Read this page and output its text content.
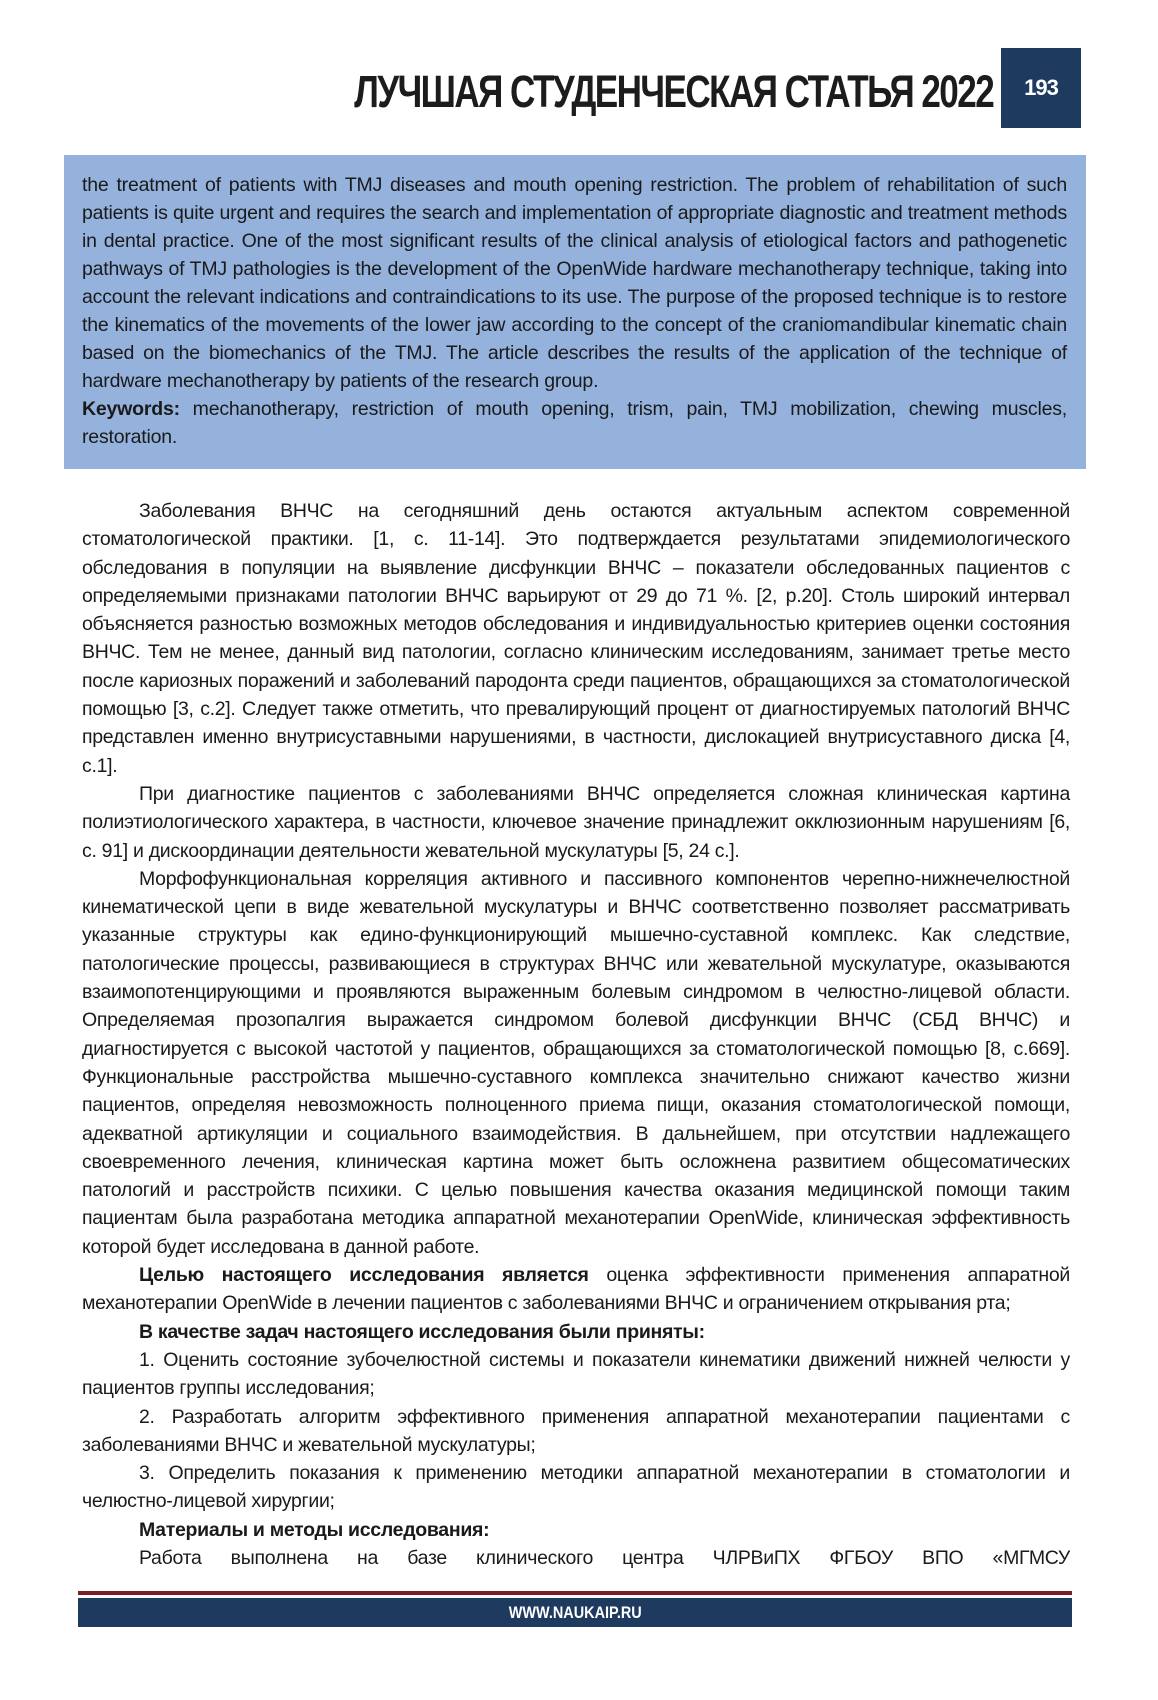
ЛУЧШАЯ СТУДЕНЧЕСКАЯ СТАТЬЯ 2022	193

the treatment of patients with TMJ diseases and mouth opening restriction. The problem of rehabilitation of such patients is quite urgent and requires the search and implementation of appropriate diagnostic and treatment methods in dental practice. One of the most significant results of the clinical analysis of etiological factors and pathogenetic pathways of TMJ pathologies is the development of the OpenWide hardware mechanotherapy technique, taking into account the relevant indications and contraindications to its use. The purpose of the proposed technique is to restore the kinematics of the movements of the lower jaw according to the concept of the craniomandibular kinematic chain based on the biomechanics of the TMJ. The article describes the results of the application of the technique of hardware mechanotherapy by patients of the research group.

Keywords: mechanotherapy, restriction of mouth opening, trism, pain, TMJ mobilization, chewing muscles, restoration.

Заболевания ВНЧС на сегодняшний день остаются актуальным аспектом современной стоматологической практики. [1, с. 11-14]. Это подтверждается результатами эпидемиологического обследования в популяции на выявление дисфункции ВНЧС – показатели обследованных пациентов с определяемыми признаками патологии ВНЧС варьируют от 29 до 71 %. [2, p.20]. Столь широкий интервал объясняется разностью возможных методов обследования и индивидуальностью критериев оценки состояния ВНЧС. Тем не менее, данный вид патологии, согласно клиническим исследованиям, занимает третье место после кариозных поражений и заболеваний пародонта среди пациентов, обращающихся за стоматологической помощью [3, с.2]. Следует также отметить, что превалирующий процент от диагностируемых патологий ВНЧС представлен именно внутрисуставными нарушениями, в частности, дислокацией внутрисуставного диска [4, с.1].

При диагностике пациентов с заболеваниями ВНЧС определяется сложная клиническая картина полиэтиологического характера, в частности, ключевое значение принадлежит окклюзионным нарушениям [6, с. 91] и дискоординации деятельности жевательной мускулатуры [5, 24 с.].

Морфофункциональная корреляция активного и пассивного компонентов черепно-нижнечелюстной кинематической цепи в виде жевательной мускулатуры и ВНЧС соответственно позволяет рассматривать указанные структуры как едино-функционирующий мышечно-суставной комплекс. Как следствие, патологические процессы, развивающиеся в структурах ВНЧС или жевательной мускулатуре, оказываются взаимопотенцирующими и проявляются выраженным болевым синдромом в челюстно-лицевой области. Определяемая прозопалгия выражается синдромом болевой дисфункции ВНЧС (СБД ВНЧС) и диагностируется с высокой частотой у пациентов, обращающихся за стоматологической помощью [8, с.669]. Функциональные расстройства мышечно-суставного комплекса значительно снижают качество жизни пациентов, определяя невозможность полноценного приема пищи, оказания стоматологической помощи, адекватной артикуляции и социального взаимодействия. В дальнейшем, при отсутствии надлежащего своевременного лечения, клиническая картина может быть осложнена развитием общесоматических патологий и расстройств психики. С целью повышения качества оказания медицинской помощи таким пациентам была разработана методика аппаратной механотерапии OpenWide, клиническая эффективность которой будет исследована в данной работе.

Целью настоящего исследования является оценка эффективности применения аппаратной механотерапии OpenWide в лечении пациентов с заболеваниями ВНЧС и ограничением открывания рта;

В качестве задач настоящего исследования были приняты:

1. Оценить состояние зубочелюстной системы и показатели кинематики движений нижней челюсти у пациентов группы исследования;

2. Разработать алгоритм эффективного применения аппаратной механотерапии пациентами с заболеваниями ВНЧС и жевательной мускулатуры;

3. Определить показания к применению методики аппаратной механотерапии в стоматологии и челюстно-лицевой хирургии;

Материалы и методы исследования:

Работа выполнена на базе клинического центра ЧЛРВиПХ ФГБОУ ВПО «МГМСУ

WWW.NAUKAIP.RU
